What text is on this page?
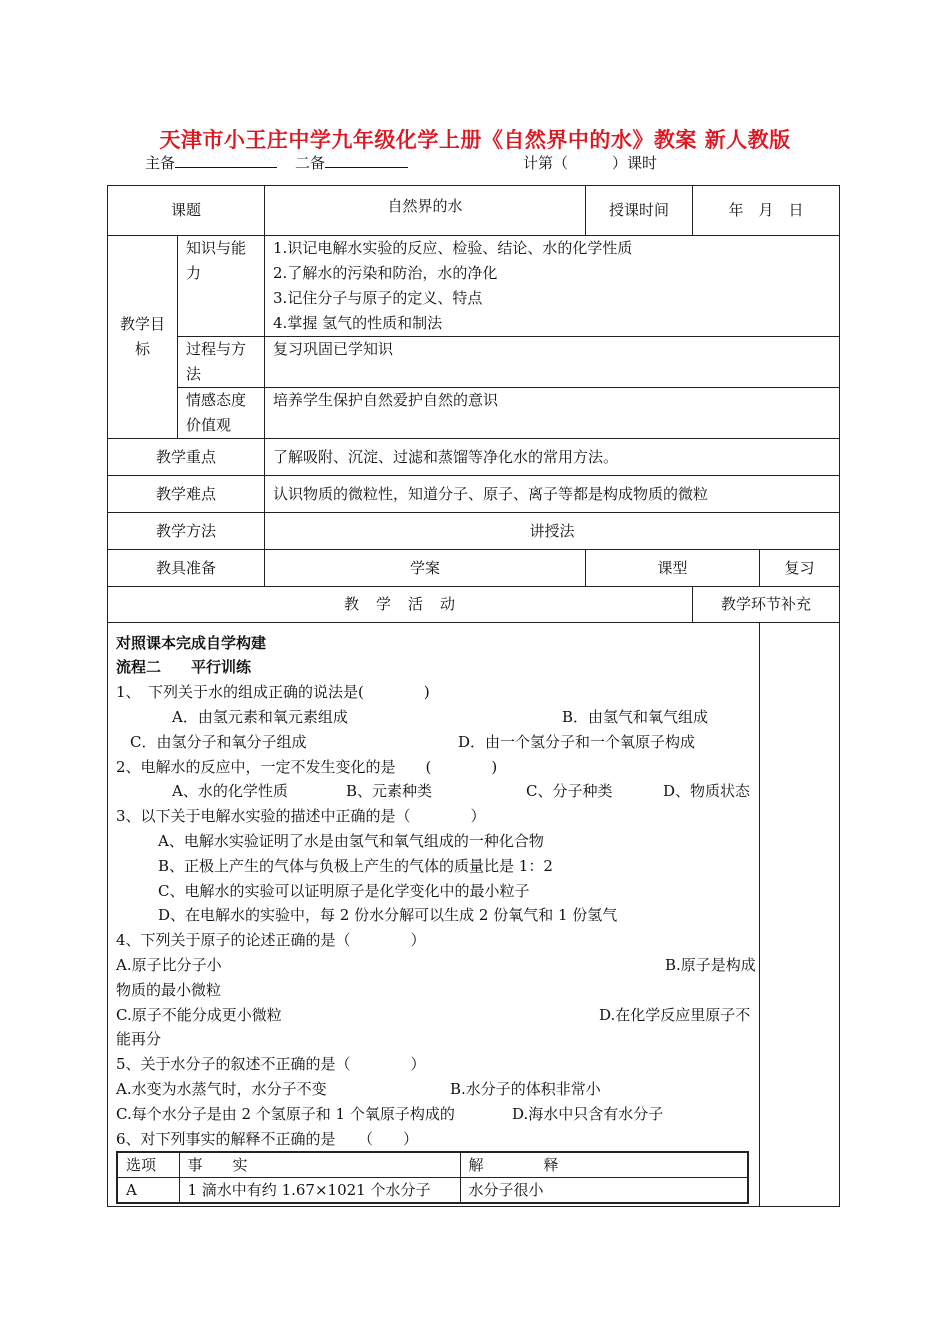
天津市小王庄中学九年级化学上册《自然界中的水》教案 新人教版
主备	二备	计第（	）课时
课题	自然界的水	授课时间	年　月　日
教学目标	知识与能力	
1.识记电解水实验的反应、检验、结论、水的化学性质
2.了解水的污染和防治，水的净化
3.记住分子与原子的定义、特点
4.掌握 氢气的性质和制法

过程与方法	复习巩固已学知识
情感态度价值观	培养学生保护自然爱护自然的意识
教学重点	了解吸附、沉淀、过滤和蒸馏等净化水的常用方法。
教学难点	认识物质的微粒性，知道分子、原子、离子等都是构成物质的微粒
教学方法	讲授法
教具准备	学案	课型	复习
教　学　活　动	教学环节补充

对照课本完成自学构建
流程二　　平行训练
1、　下列关于水的组成正确的说法是(　　　　)
A．由氢元素和氧元素组成	B．由氢气和氧气组成
C．由氢分子和氧分子组成	D．由一个氢分子和一个氧原子构成
2、电解水的反应中，一定不发生变化的是　　(　　　　)
A、水的化学性质	B、元素种类	C、分子种类	D、物质状态
3、以下关于电解水实验的描述中正确的是（　　　　）
A、电解水实验证明了水是由氢气和氧气组成的一种化合物
B、正极上产生的气体与负极上产生的气体的质量比是 1：2
C、电解水的实验可以证明原子是化学变化中的最小粒子
D、在电解水的实验中，每 2 份水分解可以生成 2 份氧气和 1 份氢气
4、下列关于原子的论述正确的是（　　　　）
A.原子比分子小	B.原子是构成
物质的最小微粒
C.原子不能分成更小微粒	D.在化学反应里原子不
能再分
5、关于水分子的叙述不正确的是（　　　　）
A.水变为水蒸气时，水分子不变	B.水分子的体积非常小
C.每个水分子是由 2 个氢原子和 1 个氧原子构成的	D.海水中只含有水分子
6、对下列事实的解释不正确的是　　（　　）
选项	事　　实	解　　　　释
A	1 滴水中有约 1.67×1021 个水分子	水分子很小
